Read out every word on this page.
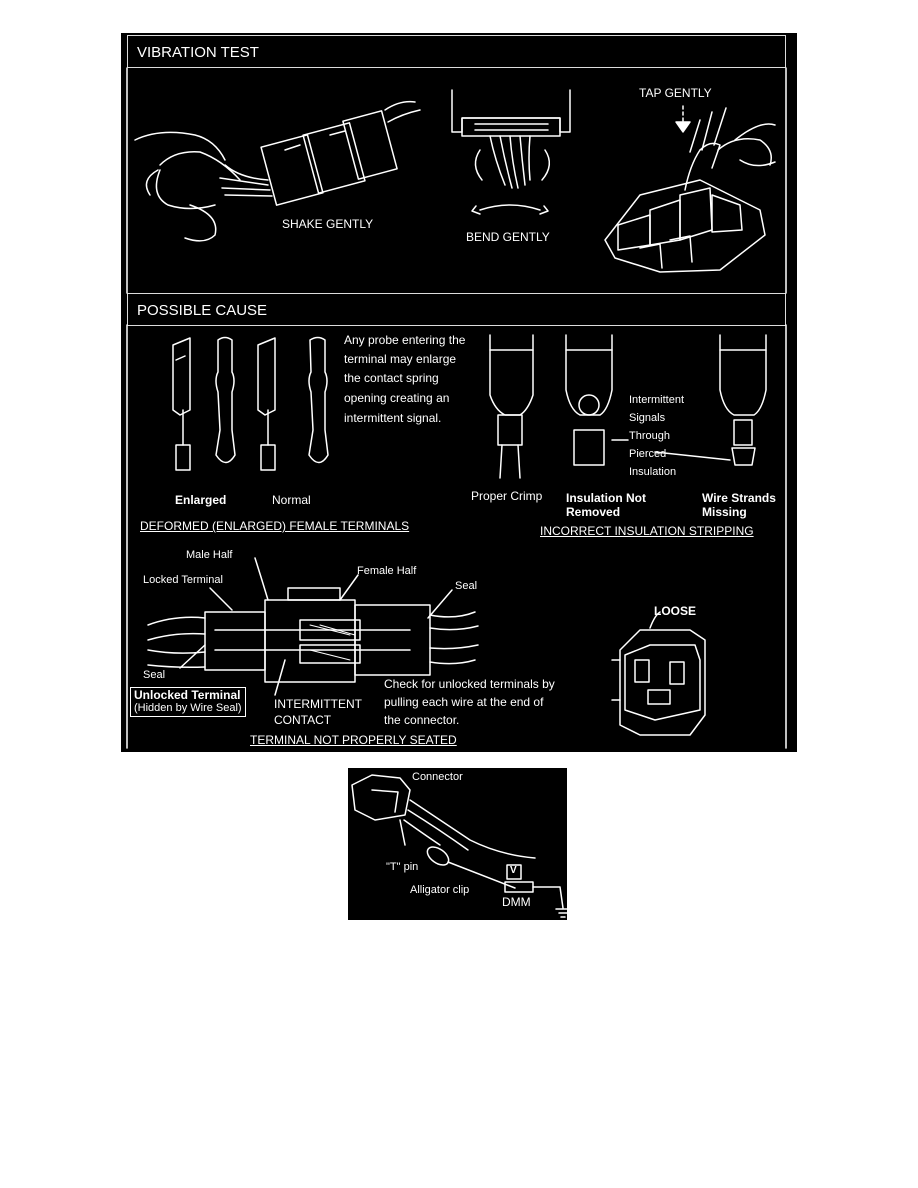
VIBRATION TEST
POSSIBLE CAUSE
SHAKE GENTLY
BEND GENTLY
TAP GENTLY
Any probe entering the
terminal may enlarge
the contact spring
opening creating an
intermittent signal.
Enlarged	Normal
DEFORMED (ENLARGED) FEMALE TERMINALS
Proper Crimp Insulation Not
Removed
Wire Strands
Missing
Intermittent
Signals
Through
Pierced
Insulation
INCORRECT INSULATION STRIPPING
Male Half
Locked Terminal
Female Half
Seal
Seal
Unlocked Terminal
(Hidden by Wire Seal)	INTERMITTENT
CONTACT
Check for unlocked terminals by
pulling each wire at the end of
the connector.
LOOSE
TERMINAL NOT PROPERLY SEATED
Connector
"T" pin
Alligator clip
V
DMM
